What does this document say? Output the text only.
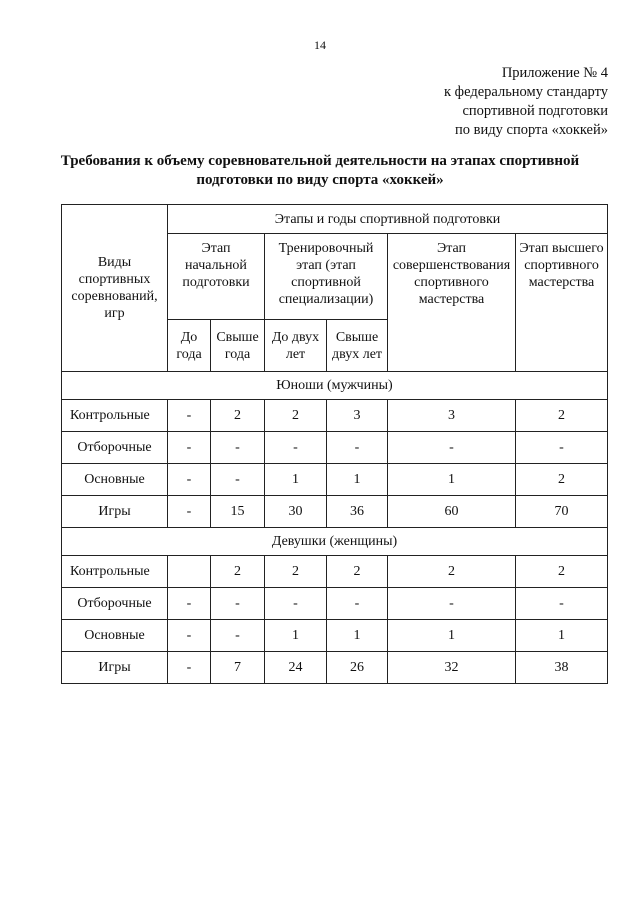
14
Приложение № 4
к федеральному стандарту
спортивной подготовки
по виду спорта «хоккей»
Требования к объему соревновательной деятельности на этапах спортивной
подготовки по виду спорта «хоккей»
Виды спортивных соревнований, игр	Этапы и годы спортивной подготовки					
	Этап начальной подготовки		Тренировочный этап (этап спортивной специализации)		Этап совершенствования спортивного мастерства	Этап высшего спортивного мастерства
	До года	Свыше года	До двух лет	Свыше двух лет		
Юноши (мужчины)						
Контрольные	-	2	2	3	3	2
Отборочные	-	-	-	-	-	-
Основные	-	-	1	1	1	2
Игры	-	15	30	36	60	70
Девушки (женщины)						
Контрольные		2	2	2	2	2
Отборочные	-	-	-	-	-	-
Основные	-	-	1	1	1	1
Игры	-	7	24	26	32	38
